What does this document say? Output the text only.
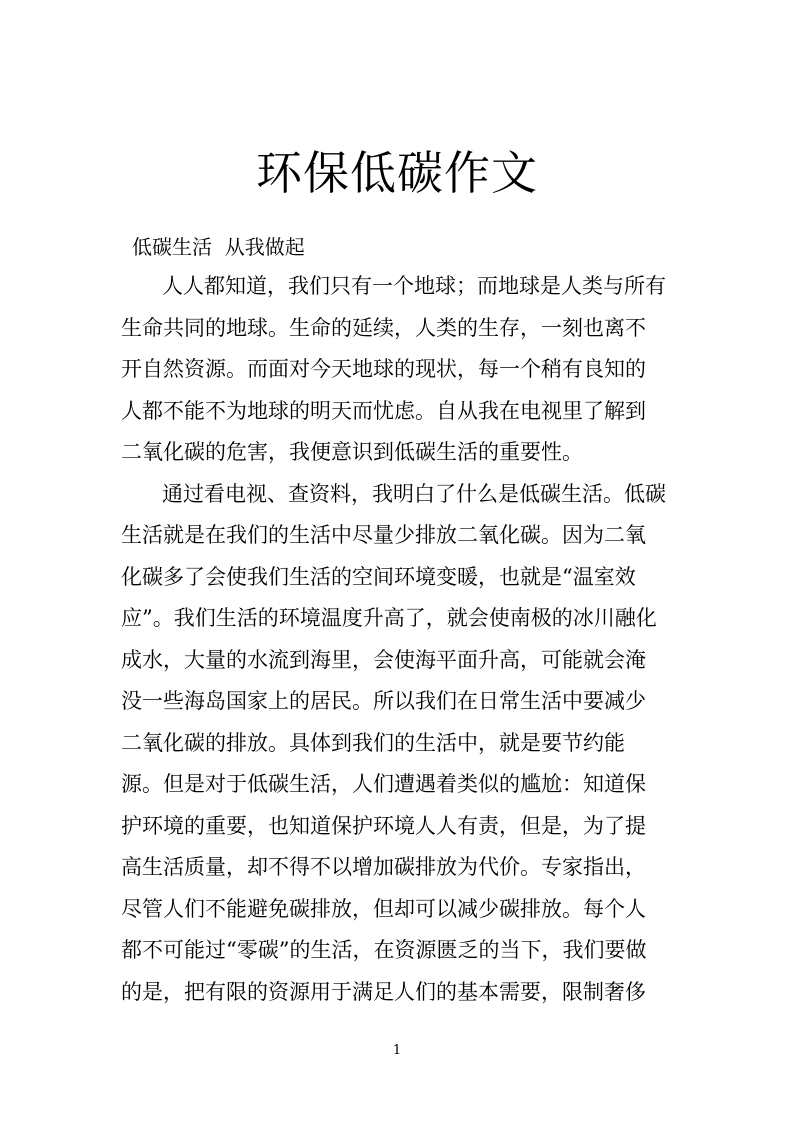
环保低碳作文

低碳生活  从我做起

人人都知道，我们只有一个地球；而地球是人类与所有

生命共同的地球。生命的延续，人类的生存，一刻也离不

开自然资源。而面对今天地球的现状，每一个稍有良知的

人都不能不为地球的明天而忧虑。自从我在电视里了解到

二氧化碳的危害，我便意识到低碳生活的重要性。

通过看电视、查资料，我明白了什么是低碳生活。低碳

生活就是在我们的生活中尽量少排放二氧化碳。因为二氧

化碳多了会使我们生活的空间环境变暖，也就是“温室效

应”。我们生活的环境温度升高了，就会使南极的冰川融化

成水，大量的水流到海里，会使海平面升高，可能就会淹

没一些海岛国家上的居民。所以我们在日常生活中要减少

二氧化碳的排放。具体到我们的生活中，就是要节约能

源。但是对于低碳生活，人们遭遇着类似的尴尬：知道保

护环境的重要，也知道保护环境人人有责，但是，为了提

高生活质量，却不得不以增加碳排放为代价。专家指出，

尽管人们不能避免碳排放，但却可以减少碳排放。每个人

都不可能过“零碳”的生活，在资源匮乏的当下，我们要做

的是，把有限的资源用于满足人们的基本需要，限制奢侈

1
